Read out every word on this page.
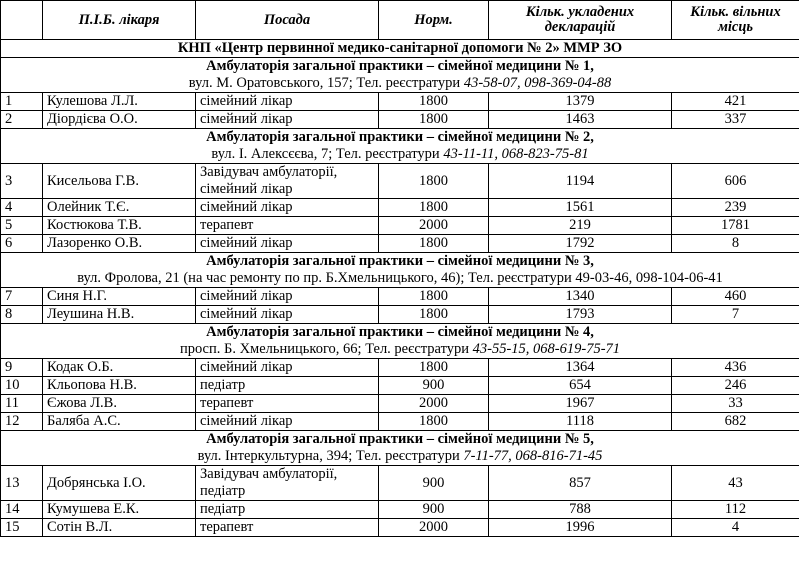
	П.І.Б. лікаря	Посада	Норм.	Кільк. укладених декларацій	Кільк. вільних місць
КНП «Центр первинної медико-санітарної допомоги № 2» ММР ЗО					

Амбулаторія загальної практики – сімейної медицини № 1,
вул. М. Оратовського, 157; Тел. реєстратури 43-58-07, 098-369-04-88					

1	Кулешова Л.Л.	сімейний лікар	1800	1379	421
2	Діордієва О.О.	сімейний лікар	1800	1463	337

Амбулаторія загальної практики – сімейної медицини № 2,
вул. І. Алексєєва, 7; Тел. реєстратури 43-11-11, 068-823-75-81					

3	Кисельова Г.В.	Завідувач амбулаторії, сімейний лікар	1800	1194	606
4	Олейник Т.Є.	сімейний лікар	1800	1561	239
5	Костюкова Т.В.	терапевт	2000	219	1781
6	Лазоренко О.В.	сімейний лікар	1800	1792	8

Амбулаторія загальної практики – сімейної медицини № 3,
вул. Фролова, 21 (на час ремонту по пр. Б.Хмельницького, 46); Тел. реєстратури 49-03-46, 098-104-06-41					

7	Синя Н.Г.	сімейний лікар	1800	1340	460
8	Леушина Н.В.	сімейний лікар	1800	1793	7

Амбулаторія загальної практики – сімейної медицини № 4,
просп. Б. Хмельницького, 66; Тел. реєстратури 43-55-15, 068-619-75-71					

9	Кодак О.Б.	сімейний лікар	1800	1364	436
10	Кльопова Н.В.	педіатр	900	654	246
11	Єжова Л.В.	терапевт	2000	1967	33
12	Баляба А.С.	сімейний лікар	1800	1118	682

Амбулаторія загальної практики – сімейної медицини № 5,
вул. Інтеркультурна, 394; Тел. реєстратури 7-11-77, 068-816-71-45					

13	Добрянська І.О.	Завідувач амбулаторії, педіатр	900	857	43
14	Кумушева Е.К.	педіатр	900	788	112
15	Сотін В.Л.	терапевт	2000	1996	4
